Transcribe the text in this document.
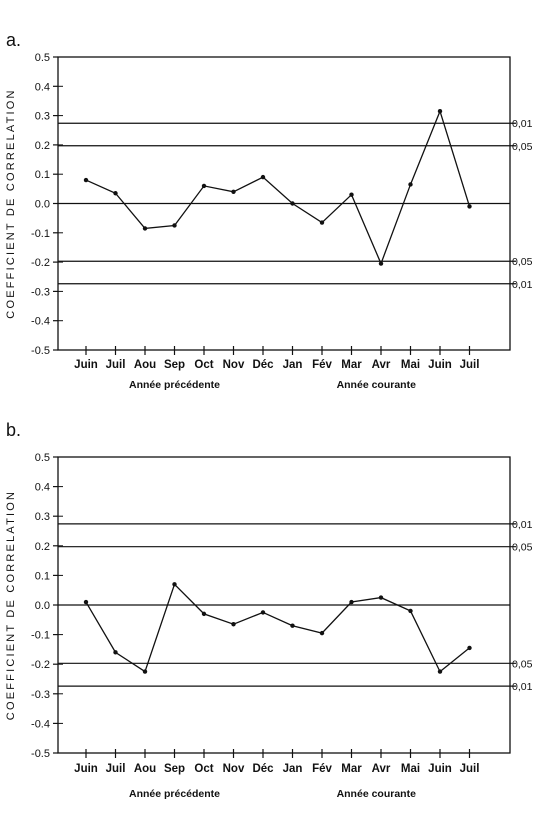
a.
0.5
0.4
0.3
0.2
0.1
0.0
-0.1
-0.2
-0.3
-0.4
-0.5
COEFFICIENT DE CORRELATION	0,01
0,05
0,05
0,01
Juin Juil Aou Sep Oct Nov Déc Jan Fév Mar Avr Mai Juin Juil
Année précédente	Année courante
b.
0.5
0.4
0.3
0.2
0.1
0.0
-0.1
-0.2
-0.3
-0.4
-0.5
COEFFICIENT DE CORRELATION	0,01
0,05
0,05
0,01
Juin Juil Aou Sep Oct Nov Déc Jan Fév Mar Avr Mai Juin Juil
Année précédente	Année courante
